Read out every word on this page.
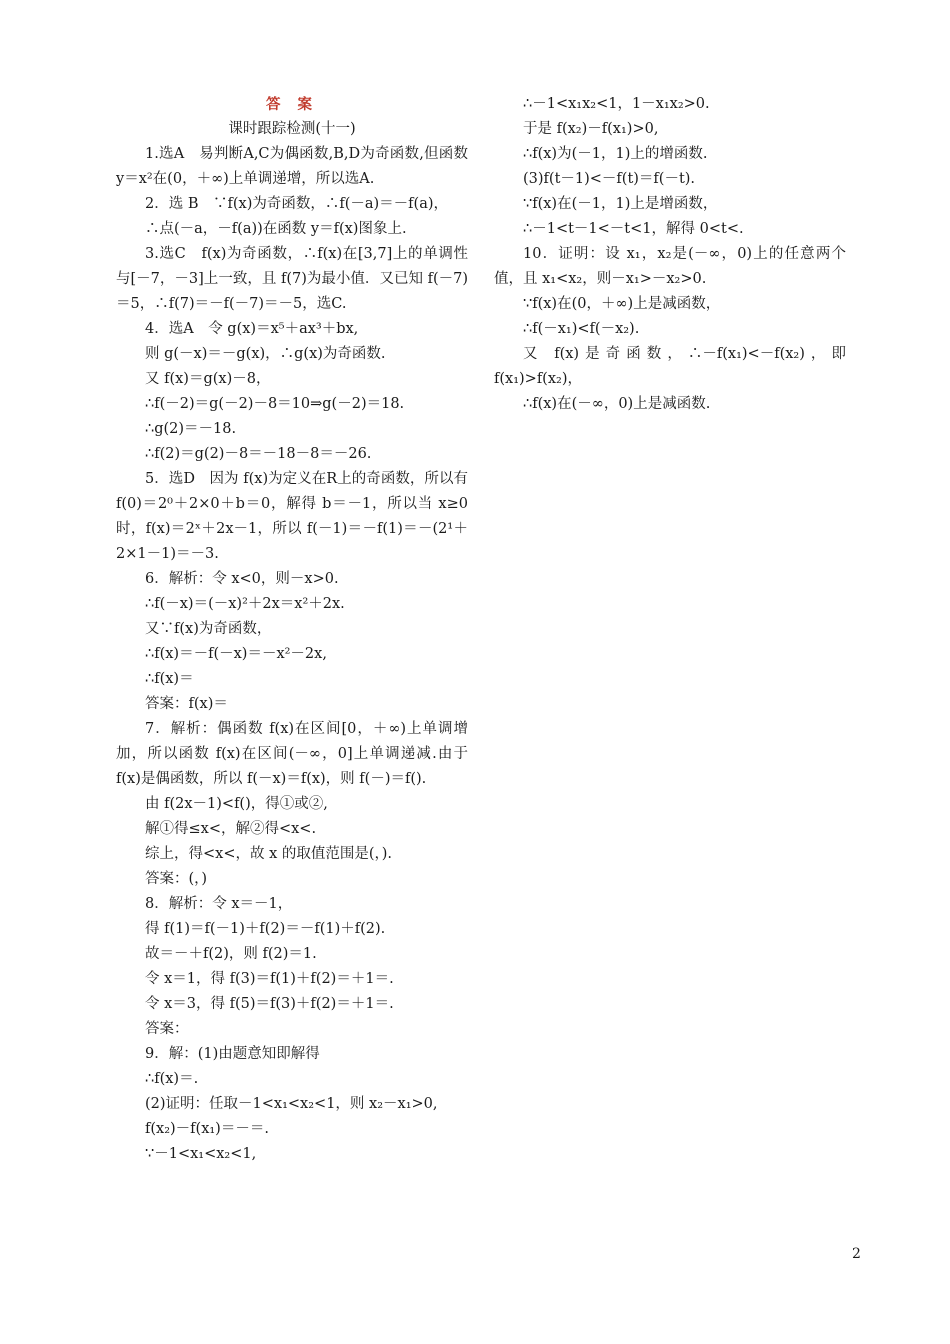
答 案
课时跟踪检测(十一)
1.选A　易判断A,C为偶函数,B,D为奇函数,但函数 y＝x²在(0，＋∞)上单调递增，所以选A.
2．选 B　∵f(x)为奇函数，∴f(－a)＝－f(a)，
∴点(－a，－f(a))在函数 y＝f(x)图象上.
3.选C　f(x)为奇函数，∴f(x)在[3,7]上的单调性与[－7，－3]上一致，且 f(7)为最小值．又已知 f(－7)＝5，∴f(7)＝－f(－7)＝－5，选C.
4．选A　令 g(x)＝x⁵＋ax³＋bx,
则 g(－x)＝－g(x)，∴g(x)为奇函数.
又 f(x)＝g(x)－8，
∴f(－2)＝g(－2)－8＝10⇒g(－2)＝18.
∴g(2)＝－18.
∴f(2)＝g(2)－8＝－18－8＝－26.
5．选D　因为 f(x)为定义在R上的奇函数，所以有 f(0)＝2⁰＋2×0＋b＝0，解得 b＝－1，所以当 x≥0 时，f(x)＝2ˣ＋2x－1，所以 f(－1)＝－f(1)＝－(2¹＋2×1－1)＝－3.
6．解析：令 x<0，则－x>0.
∴f(－x)＝(－x)²＋2x＝x²＋2x.
又∵f(x)为奇函数，
∴f(x)＝－f(－x)＝－x²－2x,
∴f(x)＝
答案：f(x)＝
7．解析：偶函数 f(x)在区间[0，＋∞)上单调增加，所以函数 f(x)在区间(－∞，0]上单调递减.由于 f(x)是偶函数，所以 f(－x)＝f(x)，则 f(－)＝f().
由 f(2x－1)<f()，得①或②,
解①得≤x<，解②得<x<.
综上，得<x<，故 x 的取值范围是(，).
答案：(，)
8．解析：令 x＝－1，
得 f(1)＝f(－1)＋f(2)＝－f(1)＋f(2).
故＝－＋f(2)，则 f(2)＝1.
令 x＝1，得 f(3)＝f(1)＋f(2)＝＋1＝.
令 x＝3，得 f(5)＝f(3)＋f(2)＝＋1＝.
答案：
9．解：(1)由题意知即解得
∴f(x)＝.
(2)证明：任取－1<x₁<x₂<1，则 x₂－x₁>0,
f(x₂)－f(x₁)＝－＝.
∵－1<x₁<x₂<1,
∴－1<x₁x₂<1，1－x₁x₂>0.
于是 f(x₂)－f(x₁)>0,
∴f(x)为(－1，1)上的增函数.
(3)f(t－1)<－f(t)＝f(－t).
∵f(x)在(－1，1)上是增函数，
∴－1<t－1<－t<1，解得 0<t<.
10．证明：设 x₁，x₂是(－∞，0)上的任意两个值，且 x₁<x₂，则－x₁>－x₂>0.
∵f(x)在(0，＋∞)上是减函数，
∴f(－x₁)<f(－x₂).
又 f(x)是奇函数，∴－f(x₁)<－f(x₂)，即 f(x₁)>f(x₂)，
∴f(x)在(－∞，0)上是减函数.
2
